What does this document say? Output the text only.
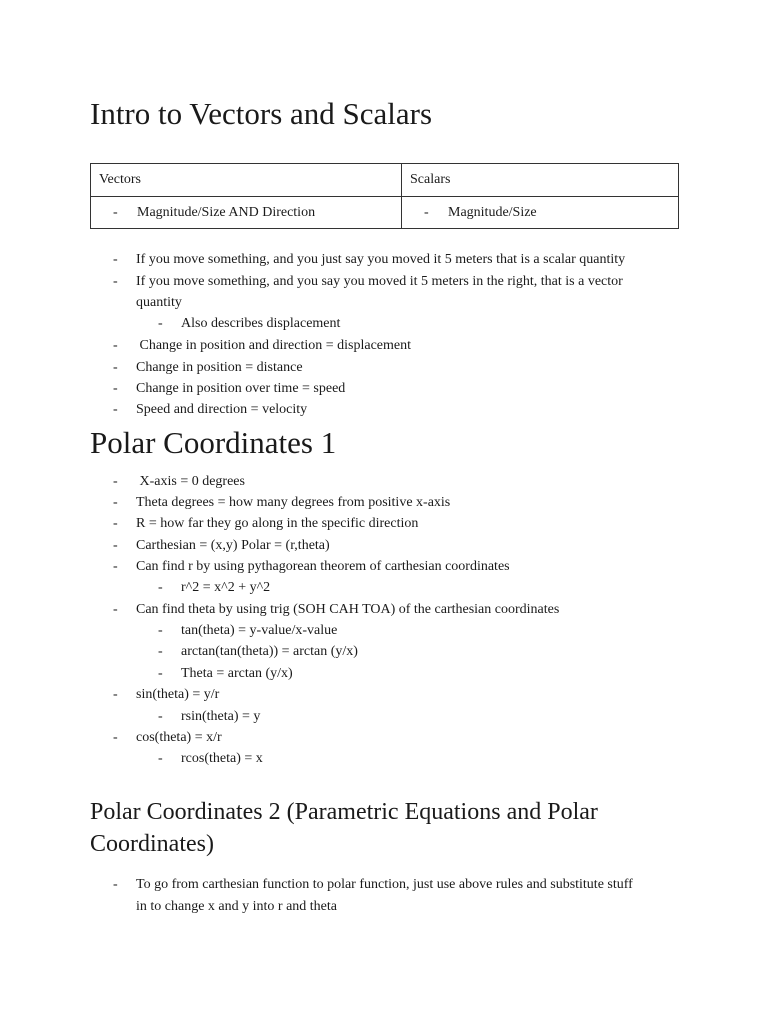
Intro to Vectors and Scalars
Vectors	Scalars
- Magnitude/Size AND Direction	- Magnitude/Size
- If you move something, and you just say you moved it 5 meters that is a scalar quantity
- If you move something, and you say you moved it 5 meters in the right, that is a vector
quantity
- Also describes displacement
- Change in position and direction = displacement
- Change in position = distance
- Change in position over time = speed
- Speed and direction = velocity
Polar Coordinates 1
- X-axis = 0 degrees
- Theta degrees = how many degrees from positive x-axis
- R = how far they go along in the specific direction
- Carthesian = (x,y) Polar = (r,theta)
- Can find r by using pythagorean theorem of carthesian coordinates
- r^2 = x^2 + y^2
- Can find theta by using trig (SOH CAH TOA) of the carthesian coordinates
- tan(theta) = y-value/x-value
- arctan(tan(theta)) = arctan (y/x)
- Theta = arctan (y/x)
- sin(theta) = y/r
- rsin(theta) = y
- cos(theta) = x/r
- rcos(theta) = x
Polar Coordinates 2 (Parametric Equations and Polar
Coordinates)
- To go from carthesian function to polar function, just use above rules and substitute stuff
in to change x and y into r and theta
